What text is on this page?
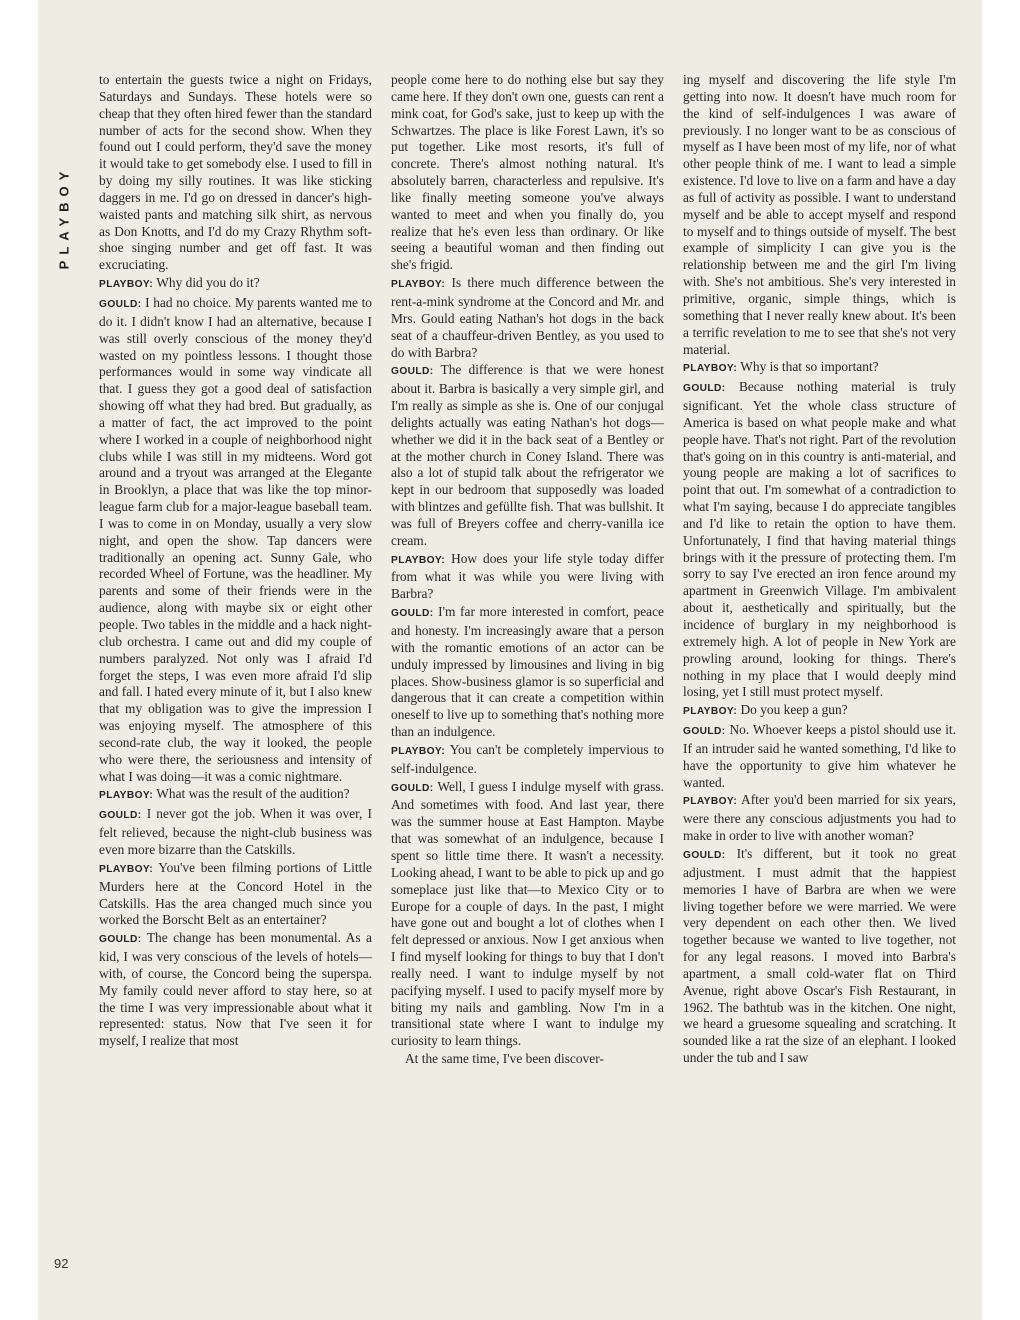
PLAYBOY

to entertain the guests twice a night on Fridays, Saturdays and Sundays. These hotels were so cheap that they often hired fewer than the standard number of acts for the second show. When they found out I could perform, they'd save the money it would take to get somebody else. I used to fill in by doing my silly routines. It was like sticking daggers in me. I'd go on dressed in dancer's high-waisted pants and matching silk shirt, as nervous as Don Knotts, and I'd do my Crazy Rhythm soft-shoe singing number and get off fast. It was excruciating.

PLAYBOY: Why did you do it?

GOULD: I had no choice. My parents wanted me to do it. I didn't know I had an alternative, because I was still overly conscious of the money they'd wasted on my pointless lessons. I thought those performances would in some way vindicate all that. I guess they got a good deal of satisfaction showing off what they had bred. But gradually, as a matter of fact, the act improved to the point where I worked in a couple of neighborhood night clubs while I was still in my midteens. Word got around and a tryout was arranged at the Elegante in Brooklyn, a place that was like the top minor-league farm club for a major-league baseball team. I was to come in on Monday, usually a very slow night, and open the show. Tap dancers were traditionally an opening act. Sunny Gale, who recorded Wheel of Fortune, was the headliner. My parents and some of their friends were in the audience, along with maybe six or eight other people. Two tables in the middle and a hack night-club orchestra. I came out and did my couple of numbers paralyzed. Not only was I afraid I'd forget the steps, I was even more afraid I'd slip and fall. I hated every minute of it, but I also knew that my obligation was to give the impression I was enjoying myself. The atmosphere of this second-rate club, the way it looked, the people who were there, the seriousness and intensity of what I was doing—it was a comic nightmare.

PLAYBOY: What was the result of the audition?

GOULD: I never got the job. When it was over, I felt relieved, because the night-club business was even more bizarre than the Catskills.

PLAYBOY: You've been filming portions of Little Murders here at the Concord Hotel in the Catskills. Has the area changed much since you worked the Borscht Belt as an entertainer?

GOULD: The change has been monumental. As a kid, I was very conscious of the levels of hotels—with, of course, the Concord being the superspa. My family could never afford to stay here, so at the time I was very impressionable about what it represented: status. Now that I've seen it for myself, I realize that most

people come here to do nothing else but say they came here. If they don't own one, guests can rent a mink coat, for God's sake, just to keep up with the Schwartzes. The place is like Forest Lawn, it's so put together. Like most resorts, it's full of concrete. There's almost nothing natural. It's absolutely barren, characterless and repulsive. It's like finally meeting someone you've always wanted to meet and when you finally do, you realize that he's even less than ordinary. Or like seeing a beautiful woman and then finding out she's frigid.

PLAYBOY: Is there much difference between the rent-a-mink syndrome at the Concord and Mr. and Mrs. Gould eating Nathan's hot dogs in the back seat of a chauffeur-driven Bentley, as you used to do with Barbra?

GOULD: The difference is that we were honest about it. Barbra is basically a very simple girl, and I'm really as simple as she is. One of our conjugal delights actually was eating Nathan's hot dogs—whether we did it in the back seat of a Bentley or at the mother church in Coney Island. There was also a lot of stupid talk about the refrigerator we kept in our bedroom that supposedly was loaded with blintzes and gefüllte fish. That was bullshit. It was full of Breyers coffee and cherry-vanilla ice cream.

PLAYBOY: How does your life style today differ from what it was while you were living with Barbra?

GOULD: I'm far more interested in comfort, peace and honesty. I'm increasingly aware that a person with the romantic emotions of an actor can be unduly impressed by limousines and living in big places. Show-business glamor is so superficial and dangerous that it can create a competition within oneself to live up to something that's nothing more than an indulgence.

PLAYBOY: You can't be completely impervious to self-indulgence.

GOULD: Well, I guess I indulge myself with grass. And sometimes with food. And last year, there was the summer house at East Hampton. Maybe that was somewhat of an indulgence, because I spent so little time there. It wasn't a necessity. Looking ahead, I want to be able to pick up and go someplace just like that—to Mexico City or to Europe for a couple of days. In the past, I might have gone out and bought a lot of clothes when I felt depressed or anxious. Now I get anxious when I find myself looking for things to buy that I don't really need. I want to indulge myself by not pacifying myself. I used to pacify myself more by biting my nails and gambling. Now I'm in a transitional state where I want to indulge my curiosity to learn things.

At the same time, I've been discover-

ing myself and discovering the life style I'm getting into now. It doesn't have much room for the kind of self-indulgences I was aware of previously. I no longer want to be as conscious of myself as I have been most of my life, nor of what other people think of me. I want to lead a simple existence. I'd love to live on a farm and have a day as full of activity as possible. I want to understand myself and be able to accept myself and respond to myself and to things outside of myself. The best example of simplicity I can give you is the relationship between me and the girl I'm living with. She's not ambitious. She's very interested in primitive, organic, simple things, which is something that I never really knew about. It's been a terrific revelation to me to see that she's not very material.

PLAYBOY: Why is that so important?

GOULD: Because nothing material is truly significant. Yet the whole class structure of America is based on what people make and what people have. That's not right. Part of the revolution that's going on in this country is anti-material, and young people are making a lot of sacrifices to point that out. I'm somewhat of a contradiction to what I'm saying, because I do appreciate tangibles and I'd like to retain the option to have them. Unfortunately, I find that having material things brings with it the pressure of protecting them. I'm sorry to say I've erected an iron fence around my apartment in Greenwich Village. I'm ambivalent about it, aesthetically and spiritually, but the incidence of burglary in my neighborhood is extremely high. A lot of people in New York are prowling around, looking for things. There's nothing in my place that I would deeply mind losing, yet I still must protect myself.

PLAYBOY: Do you keep a gun?

GOULD: No. Whoever keeps a pistol should use it. If an intruder said he wanted something, I'd like to have the opportunity to give him whatever he wanted.

PLAYBOY: After you'd been married for six years, were there any conscious adjustments you had to make in order to live with another woman?

GOULD: It's different, but it took no great adjustment. I must admit that the happiest memories I have of Barbra are when we were living together before we were married. We were very dependent on each other then. We lived together because we wanted to live together, not for any legal reasons. I moved into Barbra's apartment, a small cold-water flat on Third Avenue, right above Oscar's Fish Restaurant, in 1962. The bathtub was in the kitchen. One night, we heard a gruesome squealing and scratching. It sounded like a rat the size of an elephant. I looked under the tub and I saw

92
